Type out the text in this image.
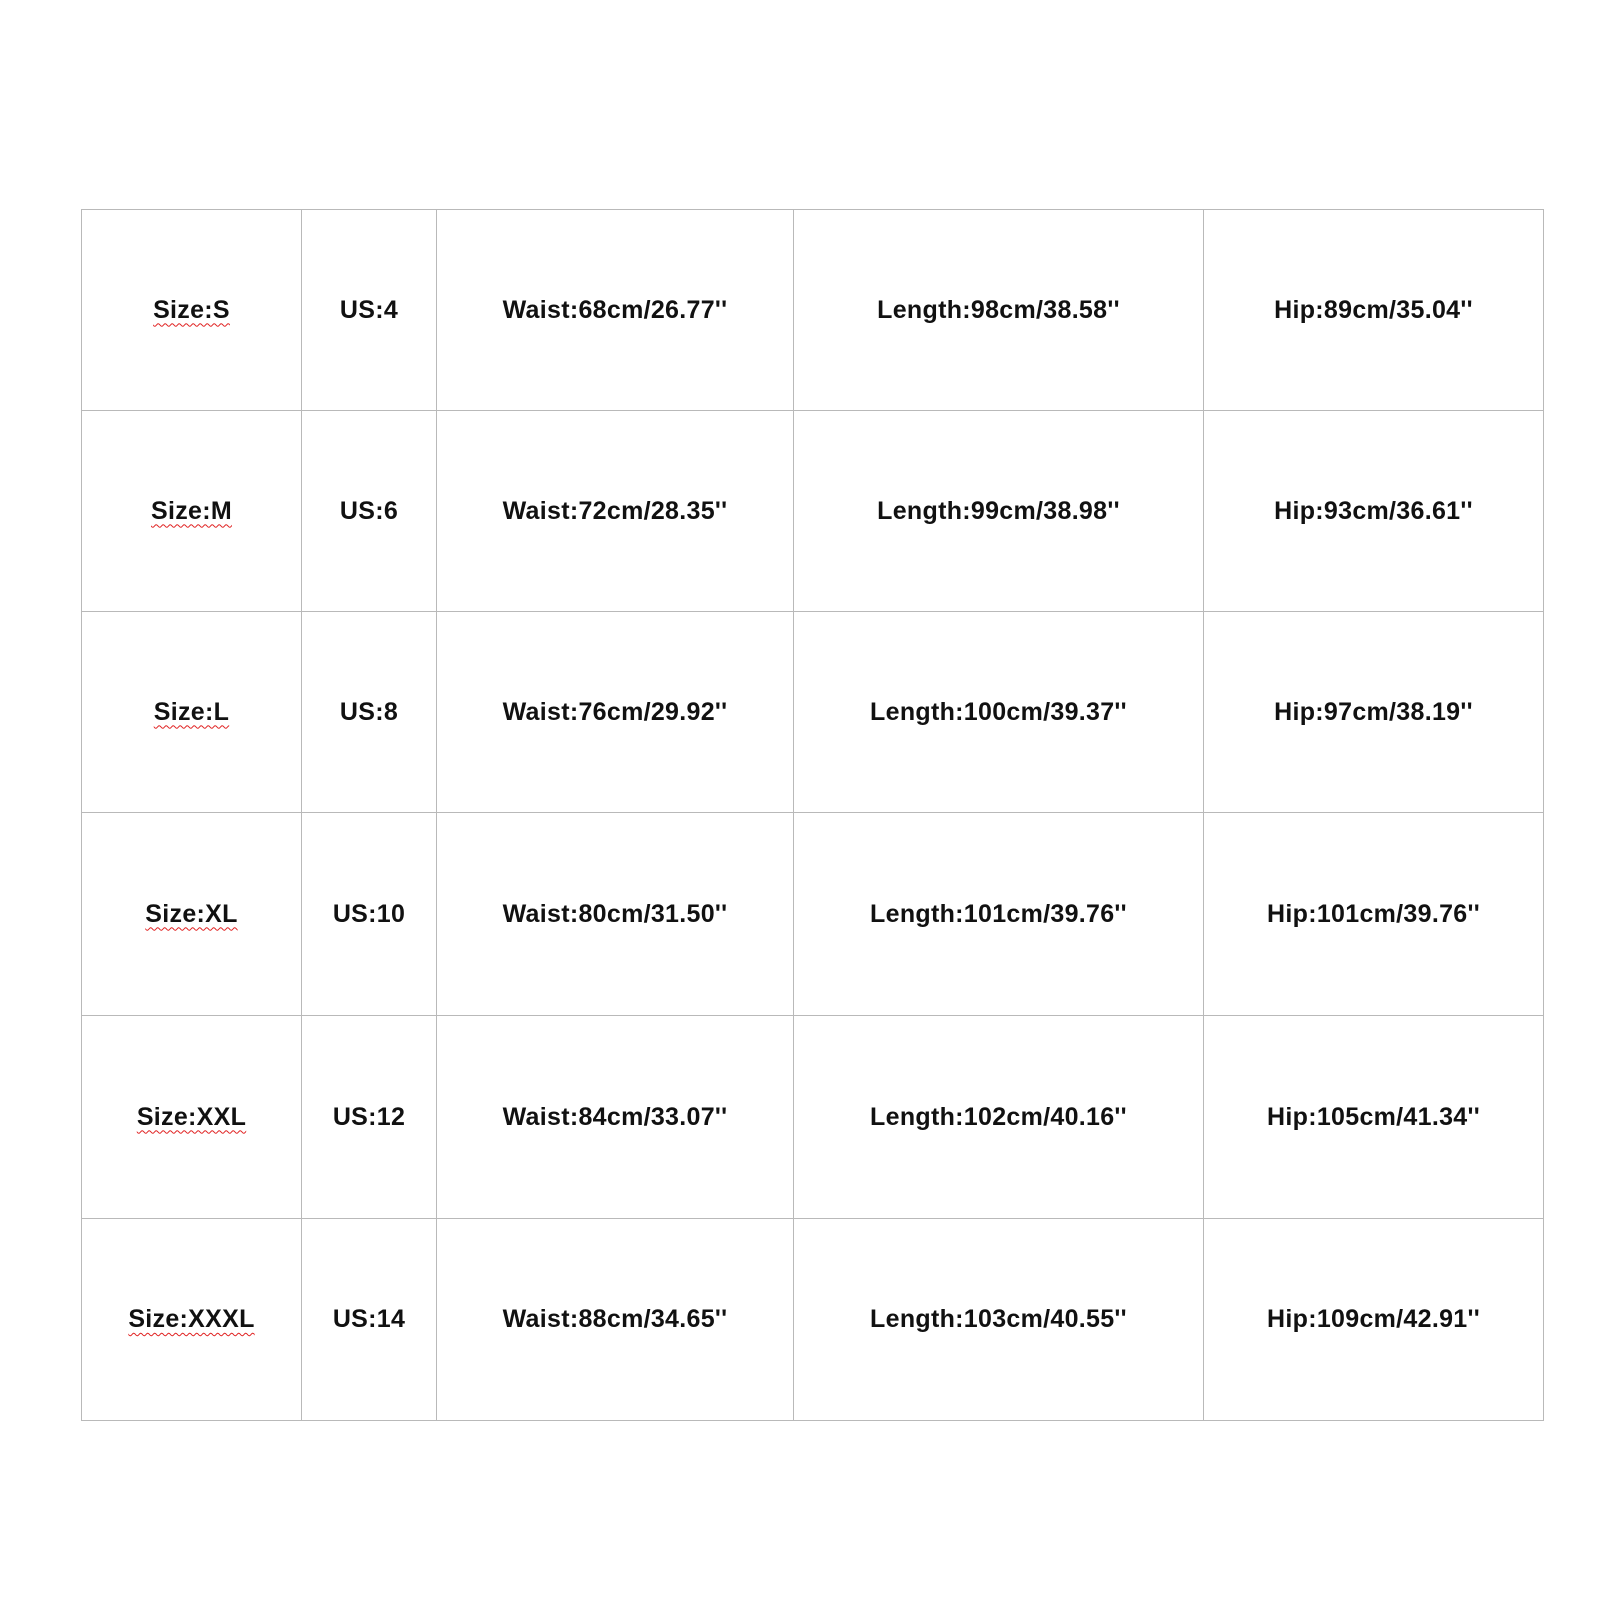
Size:S	US:4	Waist:68cm/26.77''	Length:98cm/38.58''	Hip:89cm/35.04''
Size:M	US:6	Waist:72cm/28.35''	Length:99cm/38.98''	Hip:93cm/36.61''
Size:L	US:8	Waist:76cm/29.92''	Length:100cm/39.37''	Hip:97cm/38.19''
Size:XL	US:10	Waist:80cm/31.50''	Length:101cm/39.76''	Hip:101cm/39.76''
Size:XXL	US:12	Waist:84cm/33.07''	Length:102cm/40.16''	Hip:105cm/41.34''
Size:XXXL	US:14	Waist:88cm/34.65''	Length:103cm/40.55''	Hip:109cm/42.91''
